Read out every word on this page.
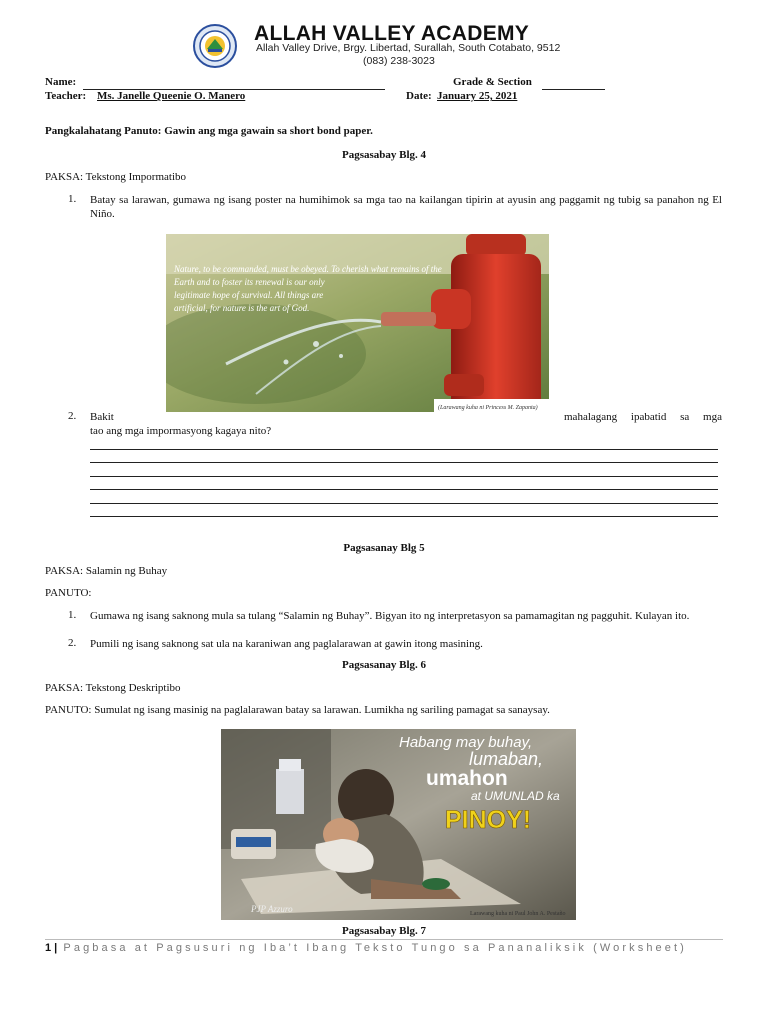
ALLAH VALLEY ACADEMY
Allah Valley Drive, Brgy. Libertad, Surallah, South Cotabato, 9512
(083) 238-3023
Name:	Grade & Section
Teacher: Ms. Janelle Queenie O. Manero	Date: January 25, 2021
Pangkalahatang Panuto: Gawin ang mga gawain sa short bond paper.
Pagsasabay Blg. 4
PAKSA: Tekstong Impormatibo
1. Batay sa larawan, gumawa ng isang poster na humihimok sa mga tao na kailangan tipirin at ayusin ang paggamit ng tubig sa panahon ng El Niño.
Nature, to be commanded, must be obeyed. To cherish what remains of the
Earth and to foster its renewal is our only
legitimate hope of survival. All things are
artificial, for nature is the art of God.
(Larawang kuha ni Princess M. Zapanta)
2. Bakit	mahalagang ipabatid sa mga
tao ang mga impormasyong kagaya nito?
Pagsasanay Blg 5
PAKSA: Salamin ng Buhay
PANUTO:
1. Gumawa ng isang saknong mula sa tulang “Salamin ng Buhay”. Bigyan ito ng interpretasyon sa pamamagitan ng pagguhit. Kulayan ito.
2. Pumili ng isang saknong sat ula na karaniwan ang paglalarawan at gawin itong masining.
Pagsasanay Blg. 6
PAKSA: Tekstong Deskriptibo
PANUTO: Sumulat ng isang masinig na paglalarawan batay sa larawan. Lumikha ng sariling pamagat sa sanaysay.
Habang may buhay,
lumaban,
umahon
at UMUNLAD ka
PINOY!
PJP Azzuro	Larawang kuha ni Paul John A. Pestaño
Pagsasabay Blg. 7
1 | Pagbasa at Pagsusuri ng Iba’t Ibang Teksto Tungo sa Pananaliksik (Worksheet)
